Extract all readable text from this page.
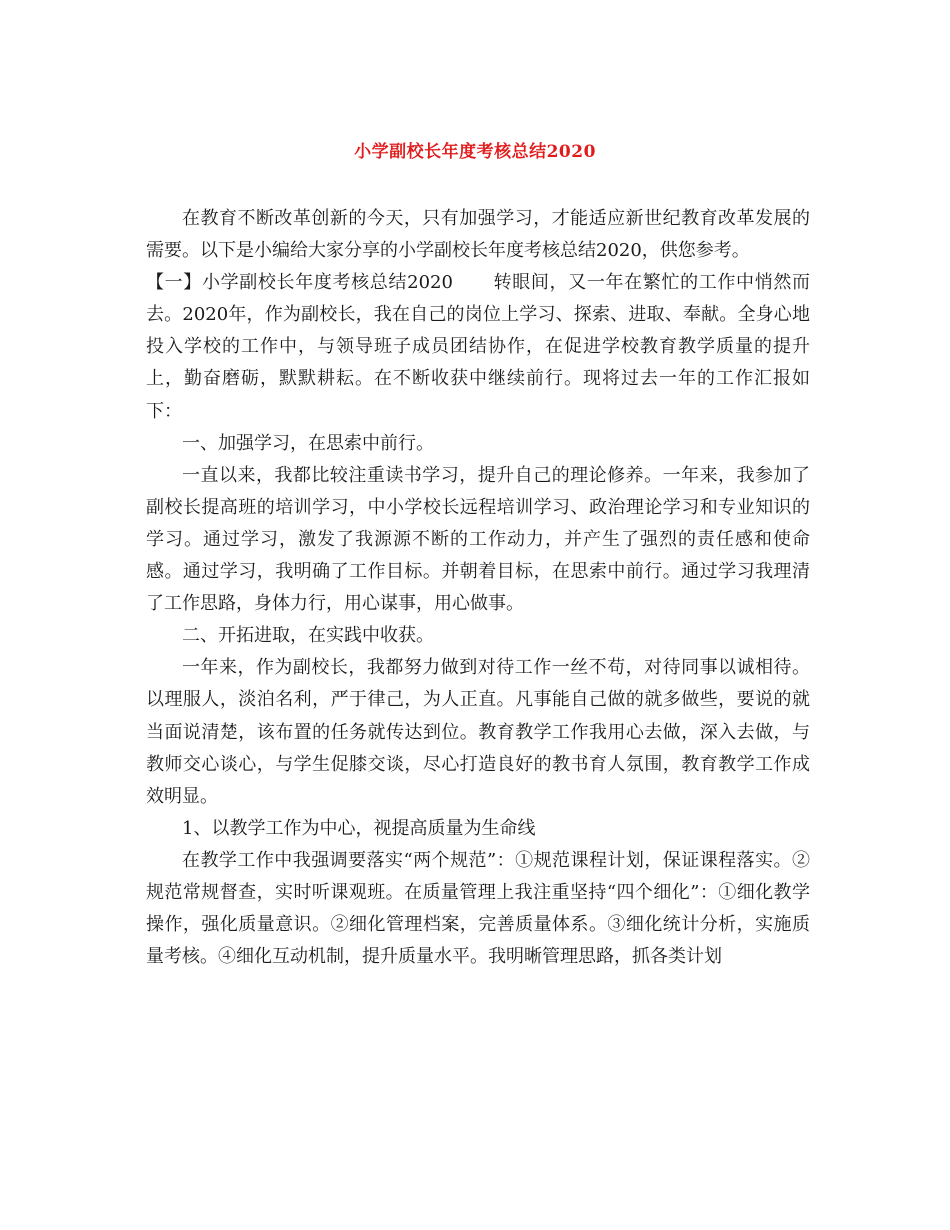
小学副校长年度考核总结2020

在教育不断改革创新的今天，只有加强学习，才能适应新世纪教育改革发展的需要。以下是小编给大家分享的小学副校长年度考核总结2020，供您参考。

【一】小学副校长年度考核总结2020 转眼间，又一年在繁忙的工作中悄然而去。2020年，作为副校长，我在自己的岗位上学习、探索、进取、奉献。全身心地投入学校的工作中，与领导班子成员团结协作，在促进学校教育教学质量的提升上，勤奋磨砺，默默耕耘。在不断收获中继续前行。现将过去一年的工作汇报如下：

一、加强学习，在思索中前行。

一直以来，我都比较注重读书学习，提升自己的理论修养。一年来，我参加了副校长提高班的培训学习，中小学校长远程培训学习、政治理论学习和专业知识的学习。通过学习，激发了我源源不断的工作动力，并产生了强烈的责任感和使命感。通过学习，我明确了工作目标。并朝着目标，在思索中前行。通过学习我理清了工作思路，身体力行，用心谋事，用心做事。

二、开拓进取，在实践中收获。

一年来，作为副校长，我都努力做到对待工作一丝不苟，对待同事以诚相待。以理服人，淡泊名利，严于律己，为人正直。凡事能自己做的就多做些，要说的就当面说清楚，该布置的任务就传达到位。教育教学工作我用心去做，深入去做，与教师交心谈心，与学生促膝交谈，尽心打造良好的教书育人氛围，教育教学工作成效明显。

1、以教学工作为中心，视提高质量为生命线

在教学工作中我强调要落实“两个规范”：①规范课程计划，保证课程落实。②规范常规督查，实时听课观班。在质量管理上我注重坚持“四个细化”：①细化教学操作，强化质量意识。②细化管理档案，完善质量体系。③细化统计分析，实施质量考核。④细化互动机制，提升质量水平。我明晰管理思路，抓各类计划
